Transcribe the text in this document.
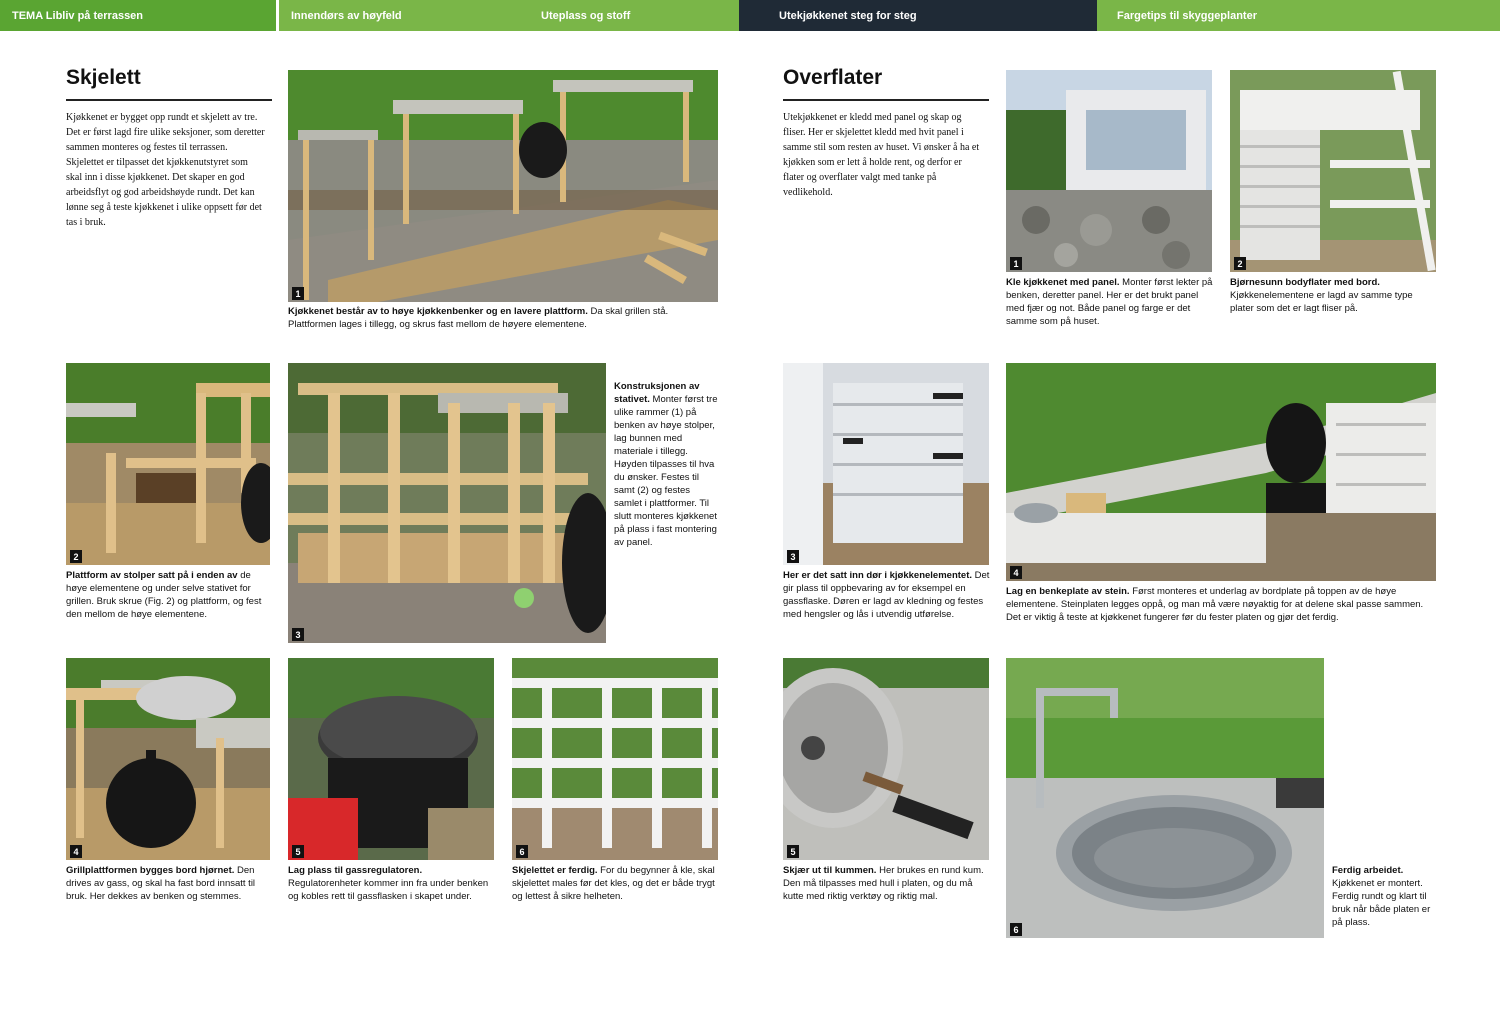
TEMA Libliv på terrassen	Innendørs av høyfeld	Uteplass og stoff	Utekjøkkenet steg for steg	Fargetips til skyggeplanter
Skjelett

Kjøkkenet er bygget opp rundt et skjelett av tre. Det er først lagd fire ulike seksjoner, som deretter sammen monteres og festes til terrassen. Skjelettet er tilpasset det kjøkkenutstyret som skal inn i disse kjøkkenet. Det skaper en god arbeidsflyt og god arbeidshøyde rundt. Det kan lønne seg å teste kjøkkenet i ulike oppsett før det tas i bruk.

1
Kjøkkenet består av to høye kjøkkenbenker og en lavere plattform. Da skal grillen stå. Plattformen lages i tillegg, og skrus fast mellom de høyere elementene.
2
Plattform av stolper satt på i enden av de høye elementene og under selve stativet for grillen. Bruk skrue (Fig. 2) og plattform, og fest den mellom de høye elementene.
3
Konstruksjonen av stativet. Monter først tre ulike rammer (1) på benken av høye stolper, lag bunnen med materiale i tillegg. Høyden tilpasses til hva du ønsker. Festes til samt (2) og festes samlet i plattformer. Til slutt monteres kjøkkenet på plass i fast montering av panel.
4
Grillplattformen bygges bord hjørnet. Den drives av gass, og skal ha fast bord innsatt til bruk. Her dekkes av benken og stemmes.
5
Lag plass til gassregulatoren. Regulatorenheter kommer inn fra under benken og kobles rett til gassflasken i skapet under.
6
Skjelettet er ferdig. For du begynner å kle, skal skjelettet males før det kles, og det er både trygt og lettest å sikre helheten.
Overflater

Utekjøkkenet er kledd med panel og skap og fliser. Her er skjelettet kledd med hvit panel i samme stil som resten av huset. Vi ønsker å ha et kjøkken som er lett å holde rent, og derfor er flater og overflater valgt med tanke på vedlikehold.

1
Kle kjøkkenet med panel. Monter først lekter på benken, deretter panel. Her er det brukt panel med fjær og not. Både panel og farge er det samme som på huset.
2
Bjørnesunn bodyflater med bord. Kjøkkenelementene er lagd av samme type plater som det er lagt fliser på.
3
Her er det satt inn dør i kjøkkenelementet. Det gir plass til oppbevaring av for eksempel en gassflaske. Døren er lagd av kledning og festes med hengsler og lås i utvendig utførelse.
4
Lag en benkeplate av stein. Først monteres et underlag av bordplate på toppen av de høye elementene. Steinplaten legges oppå, og man må være nøyaktig for at delene skal passe sammen. Det er viktig å teste at kjøkkenet fungerer før du fester platen og gjør det ferdig.
5
Skjær ut til kummen. Her brukes en rund kum. Den må tilpasses med hull i platen, og du må kutte med riktig verktøy og riktig mal.
6
Ferdig arbeidet. Kjøkkenet er montert. Ferdig rundt og klart til bruk når både platen er på plass.
